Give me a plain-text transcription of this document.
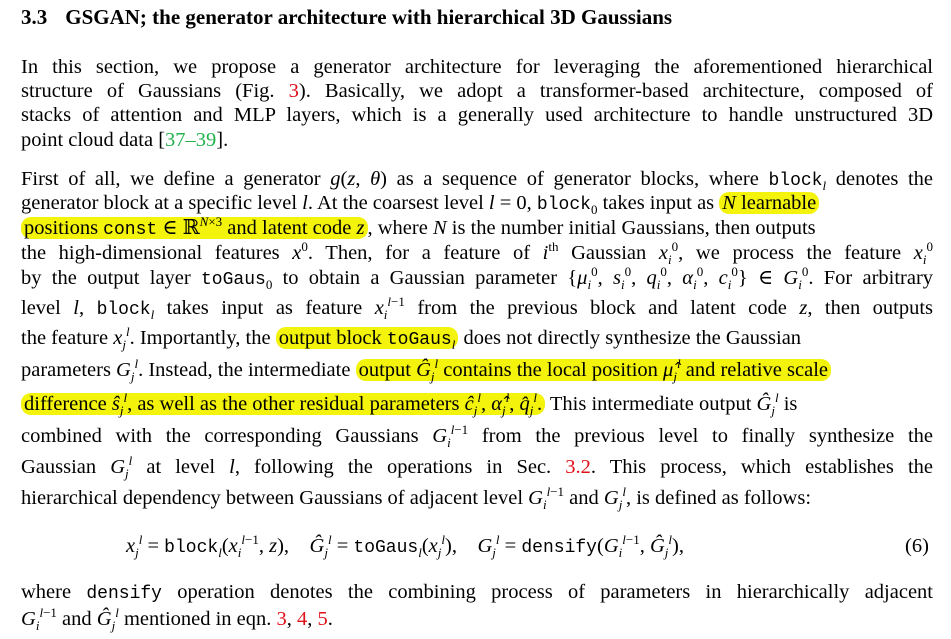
3.3 GSGAN; the generator architecture with hierarchical 3D Gaussians
In this section, we propose a generator architecture for leveraging the aforementioned hierarchical
structure of Gaussians (Fig. 3). Basically, we adopt a transformer-based architecture, composed of
stacks of attention and MLP layers, which is a generally used architecture to handle unstructured 3D
point cloud data [37–39].
First of all, we define a generator g(z, θ) as a sequence of generator blocks, where block$_l$ denotes the
generator block at a specific level l. At the coarsest level l = 0, block$_0$ takes input as N learnable
positions const ∈ ℝ$^{N\times 3}$ and latent code z , where N is the number initial Gaussians, then outputs
the high-dimensional features $x^0$. Then, for a feature of $i^{th}$ Gaussian $x_i^0$, we process the feature $x_i^0$
by the output layer toGaus$_0$ to obtain a Gaussian parameter {$\mu_i^0$, $s_i^0$, $q_i^0$, $\alpha_i^0$, $c_i^0$} ∈ $G_i^0$. For arbitrary
level l, block$_l$ takes input as feature $x_i^{l-1}$ from the previous block and latent code z, then outputs
the feature $x_j^l$. Importantly, the output block toGaus$_l$ does not directly synthesize the Gaussian
parameters $G_j^l$. Instead, the intermediate output $Ĝ_j^l$ contains the local position $\mû_j^l$ and relative scale
difference $ŝ_j^l$, as well as the other residual parameters $ĉ_j^l$, $\alphâ_j^l$, $q̂_j^l$. This intermediate output $Ĝ_j^l$ is
combined with the corresponding Gaussians $G_i^{l-1}$ from the previous level to finally synthesize the
Gaussian $G_j^l$ at level l, following the operations in Sec. 3.2. This process, which establishes the
hierarchical dependency between Gaussians of adjacent level $G_i^{l-1}$ and $G_j^l$, is defined as follows:
$x_j^l$ = $block_l(x_i^{l-1}$, z),    $Ĝ_j^l$ = $toGaus_l(x_j^l)$,    $G_j^l$ = $densify(G_i^{l-1}$, $Ĝ_j^l$),	(6)
where densify operation denotes the combining process of parameters in hierarchically adjacent
$G_i^{l-1}$ and $Ĝ_j^l$ mentioned in eqn. 3, 4, 5.
